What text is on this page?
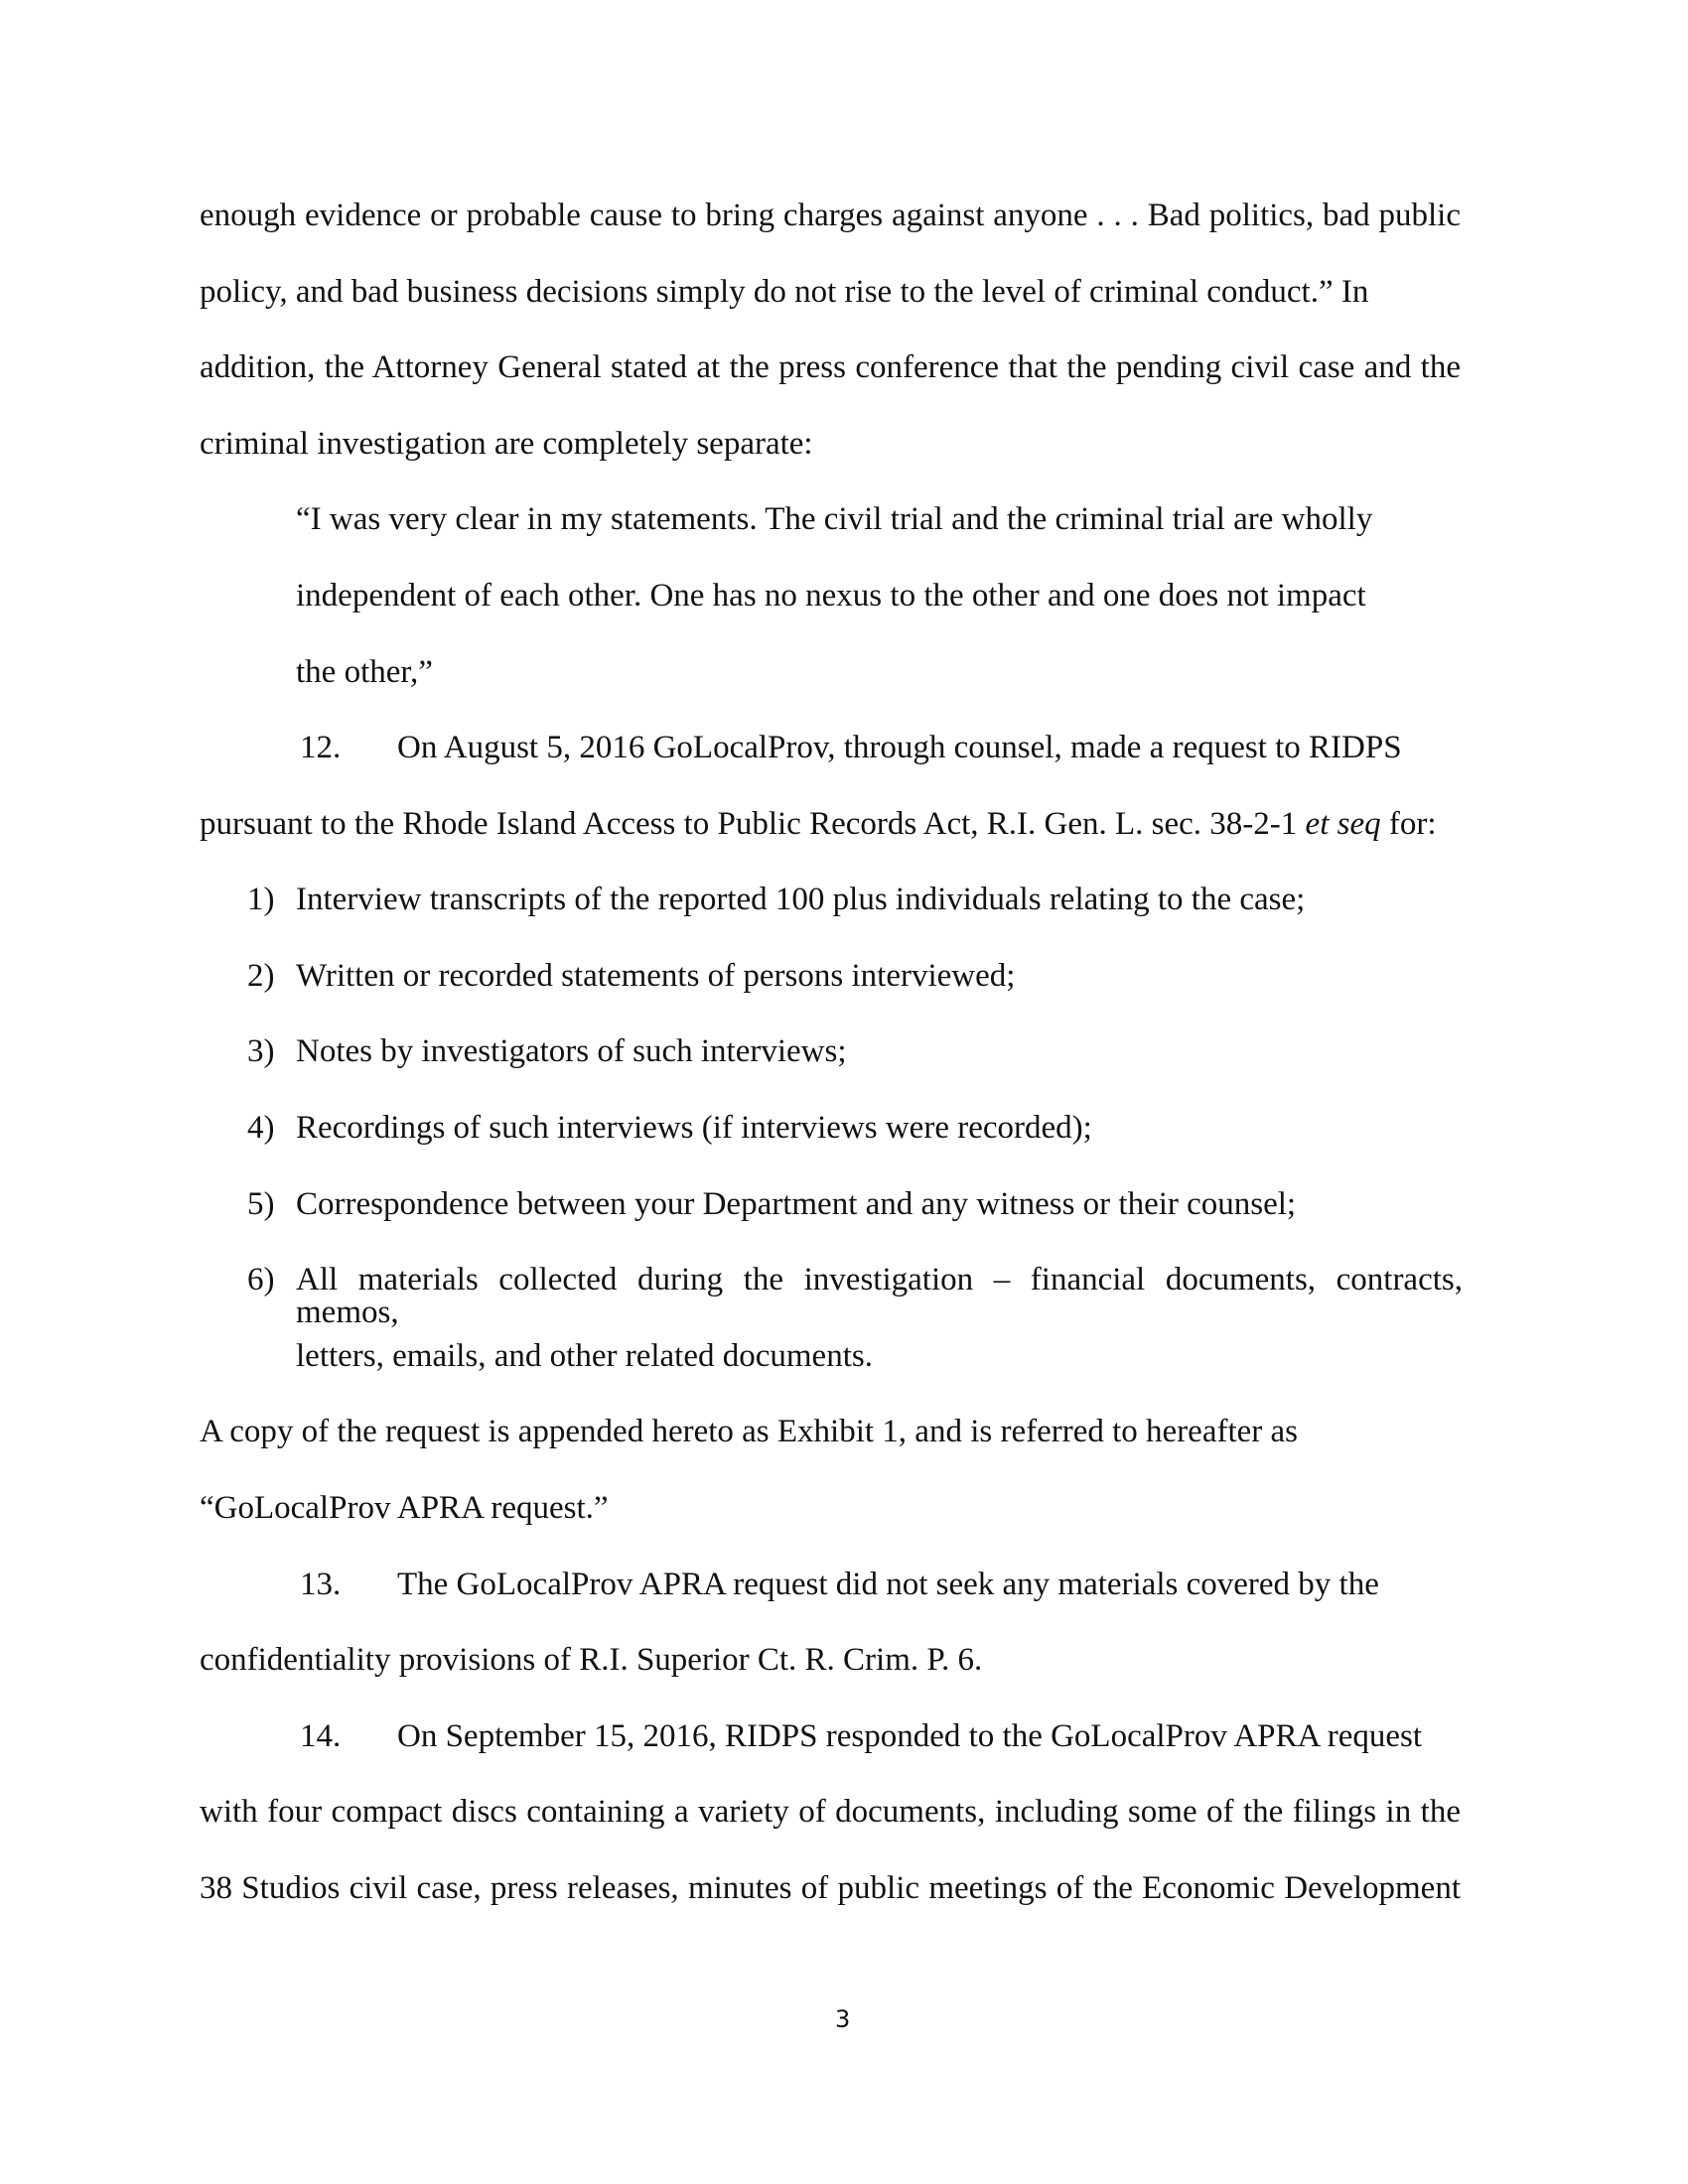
enough evidence or probable cause to bring charges against anyone . . . Bad politics, bad public
policy, and bad business decisions simply do not rise to the level of criminal conduct.” In
addition, the Attorney General stated at the press conference that the pending civil case and the
criminal investigation are completely separate:
“I was very clear in my statements. The civil trial and the criminal trial are wholly
independent of each other. One has no nexus to the other and one does not impact
the other,”
12. On August 5, 2016 GoLocalProv, through counsel, made a request to RIDPS
pursuant to the Rhode Island Access to Public Records Act, R.I. Gen. L. sec. 38-2-1 et seq for:
1) Interview transcripts of the reported 100 plus individuals relating to the case;
2) Written or recorded statements of persons interviewed;
3) Notes by investigators of such interviews;
4) Recordings of such interviews (if interviews were recorded);
5) Correspondence between your Department and any witness or their counsel;
6) All materials collected during the investigation – financial documents, contracts, memos,
letters, emails, and other related documents.
A copy of the request is appended hereto as Exhibit 1, and is referred to hereafter as
“GoLocalProv APRA request.”
13. The GoLocalProv APRA request did not seek any materials covered by the
confidentiality provisions of R.I. Superior Ct. R. Crim. P. 6.
14. On September 15, 2016, RIDPS responded to the GoLocalProv APRA request
with four compact discs containing a variety of documents, including some of the filings in the
38 Studios civil case, press releases, minutes of public meetings of the Economic Development
3
